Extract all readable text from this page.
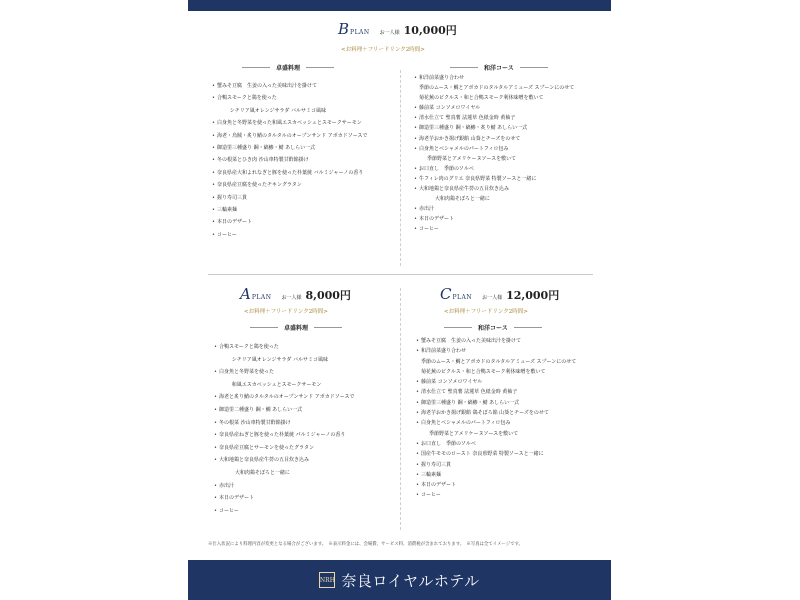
B PLAN お一人様 10,000円
<お料理＋フリードリンク2時間>
卓盛料理	和洋コース
• 蟹みそ豆腐　生姜の入った美味出汁を掛けて
• 合鴨スモークと鶏を使った
シチリア風オレンジサラダ バルサミコ風味
• 白身魚と冬野菜を使った和風エスカベッシュとスモークサーモン
• 海老・烏賊・炙り鯖のタルタルのオープンサンド アボカドソースで
• 御造里三種盛り 鋼・縞鯵・鯖 あしらい一式
• 冬の根菜とひき肉 沙山車特製甘酢餡掛け
• 奈良県産大和よれなぎと豚を使った朴葉焼 バルミジャーノの香り
• 奈良県産豆腐を使ったチキングラタン
• 握り寿司三貫
• 三輪素麺
• 本日のデザート
• コーヒー
• 和洋前菜盛り合わせ
季節のムース・鯛とアボカドのタルタルアミューズ スプーンにのせて
菊花蕪のピクルス・和と合鴨スモーク利休味噌を敷いて
• 藤前菜 コンソメロワイヤル
• 清水仕立て 聖真薯 法蓮草 色紙金時 黄柚子
• 御造里三種盛り 鋼・縞鯵・炙り鯖 あしらい一式
• 海老芋おかき揚げ銀餡 山葵とチーズをのせて
• 白身魚とベシャメルのパートフィロ包み
季節野菜とアメリケーヌソースを敷いて
• お口直し　季節のソルベ
• 牛フィレ肉のグリエ 奈良県野菜 特製ソースと一緒に
• 大和地鶏と奈良県産牛蒡の五目炊き込み
大和肉鶏そぼろと一緒に
• 赤出汁
• 本日のデザート
• コーヒー
A PLAN お一人様 8,000円
<お料理＋フリードリンク2時間>
卓盛料理
• 合鴨スモークと鶏を使った
シチリア風オレンジサラダ バルサミコ風味
• 白身魚と冬野菜を使った
和風エスカベッシュとスモークサーモン
• 海老と炙り鯖のタルタルのオープンサンド アボカドソースで
• 御造里二種盛り 鋼・鯛 あしらい一式
• 冬の根菜 沙山車特製甘酢餡掛け
• 奈良県産ねぎと豚を使った朴葉焼 パルミジャーノの香り
• 奈良県産豆腐とサーモンを使ったグラタン
• 大和地鶏と奈良県産牛蒡の五目炊き込み
大和肉鶏そぼろと一緒に
• 赤出汁
• 本日のデザート
• コーヒー
C PLAN お一人様 12,000円
<お料理＋フリードリンク2時間>
和洋コース
• 蟹みそ豆腐　生姜の入った美味出汁を掛けて
• 和洋前菜盛り合わせ
季節のムース・鯛とアボカドのタルタルアミューズ スプーンにのせて
菊花蕪のピクルス・和と合鴨スモーク利休味噌を敷いて
• 藤前菜 コンソメロワイヤル
• 清水仕立て 聖真薯 法蓮草 色紙金時 黄柚子
• 御造里三種盛り 鋼・縞鯵・鯖 あしらい一式
• 海老芋おかき揚げ銀餡 鶏そぼろ餡 山葵とチーズをのせて
• 白身魚とベシャメルのパートフィロ包み
季節野菜とアメリケーヌソースを敷いて
• お口直し　季節のソルベ
• 国産牛モモのロースト 奈良県野菜 特製ソースと一緒に
• 握り寿司三貫
• 三輪素麺
• 本日のデザート
• コーヒー
※仕入状況により料理内容が変更となる場合がございます。　※表示料金には、会場費、サービス料、消費税が含まれております。　※写真は全てイメージです。
NRH 奈良ロイヤルホテル
